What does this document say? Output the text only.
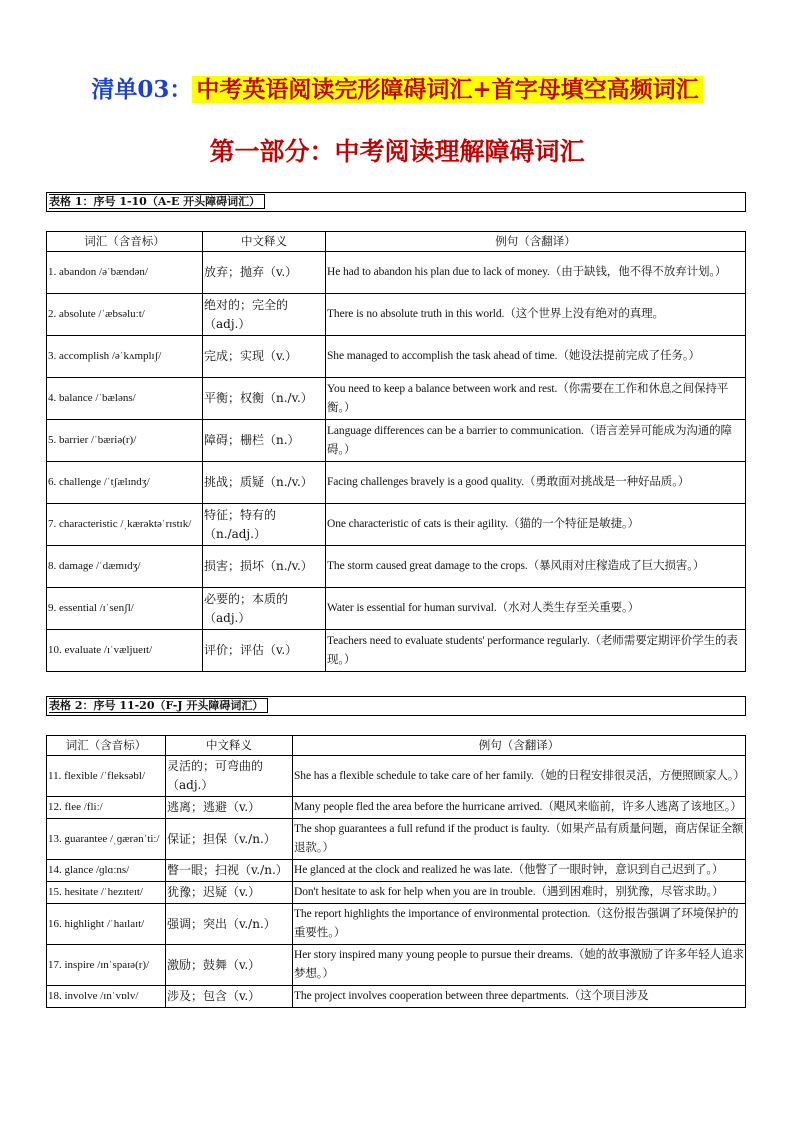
清单03： 中考英语阅读完形障碍词汇+首字母填空高频词汇
第一部分：中考阅读理解障碍词汇
表格 1：序号 1-10（A-E 开头障碍词汇）
词汇（含音标）	中文释义	例句（含翻译）
1. abandon /əˈbændən/	放弃；抛弃（v.）	He had to abandon his plan due to lack of money.（由于缺钱，他不得不放弃计划。）
2. absolute /ˈæbsəluːt/	绝对的；完全的（adj.）	There is no absolute truth in this world.（这个世界上没有绝对的真理。
3. accomplish /əˈkʌmplɪʃ/	完成；实现（v.）	She managed to accomplish the task ahead of time.（她设法提前完成了任务。）
4. balance /ˈbæləns/	平衡；权衡（n./v.）	You need to keep a balance between work and rest.（你需要在工作和休息之间保持平衡。）
5. barrier /ˈbæriə(r)/	障碍；栅栏（n.）	Language differences can be a barrier to communication.（语言差异可能成为沟通的障碍。）
6. challenge /ˈtʃælɪndʒ/	挑战；质疑（n./v.）	Facing challenges bravely is a good quality.（勇敢面对挑战是一种好品质。）
7. characteristic /ˌkærəktəˈrɪstɪk/	特征；特有的（n./adj.）	One characteristic of cats is their agility.（猫的一个特征是敏捷。）
8. damage /ˈdæmɪdʒ/	损害；损坏（n./v.）	The storm caused great damage to the crops.（暴风雨对庄稼造成了巨大损害。）
9. essential /ɪˈsenʃl/	必要的；本质的（adj.）	Water is essential for human survival.（水对人类生存至关重要。）
10. evaluate /ɪˈvæljueɪt/	评价；评估（v.）	Teachers need to evaluate students' performance regularly.（老师需要定期评价学生的表现。）
表格 2：序号 11-20（F-J 开头障碍词汇）
词汇（含音标）	中文释义	例句（含翻译）
11. flexible /ˈfleksəbl/	灵活的；可弯曲的（adj.）	She has a flexible schedule to take care of her family.（她的日程安排很灵活，方便照顾家人。）
12. flee /fliː/	逃离；逃避（v.）	Many people fled the area before the hurricane arrived.（飓风来临前，许多人逃离了该地区。）
13. guarantee /ˌɡærənˈtiː/	保证；担保（v./n.）	The shop guarantees a full refund if the product is faulty.（如果产品有质量问题，商店保证全额退款。）
14. glance /ɡlɑːns/	瞥一眼；扫视（v./n.）	He glanced at the clock and realized he was late.（他瞥了一眼时钟，意识到自己迟到了。）
15. hesitate /ˈhezɪteɪt/	犹豫；迟疑（v.）	Don't hesitate to ask for help when you are in trouble.（遇到困难时，别犹豫，尽管求助。）
16. highlight /ˈhaɪlaɪt/	强调；突出（v./n.）	The report highlights the importance of environmental protection.（这份报告强调了环境保护的重要性。）
17. inspire /ɪnˈspaɪə(r)/	激励；鼓舞（v.）	Her story inspired many young people to pursue their dreams.（她的故事激励了许多年轻人追求梦想。）
18. involve /ɪnˈvɒlv/	涉及；包含（v.）	The project involves cooperation between three departments.（这个项目涉及
